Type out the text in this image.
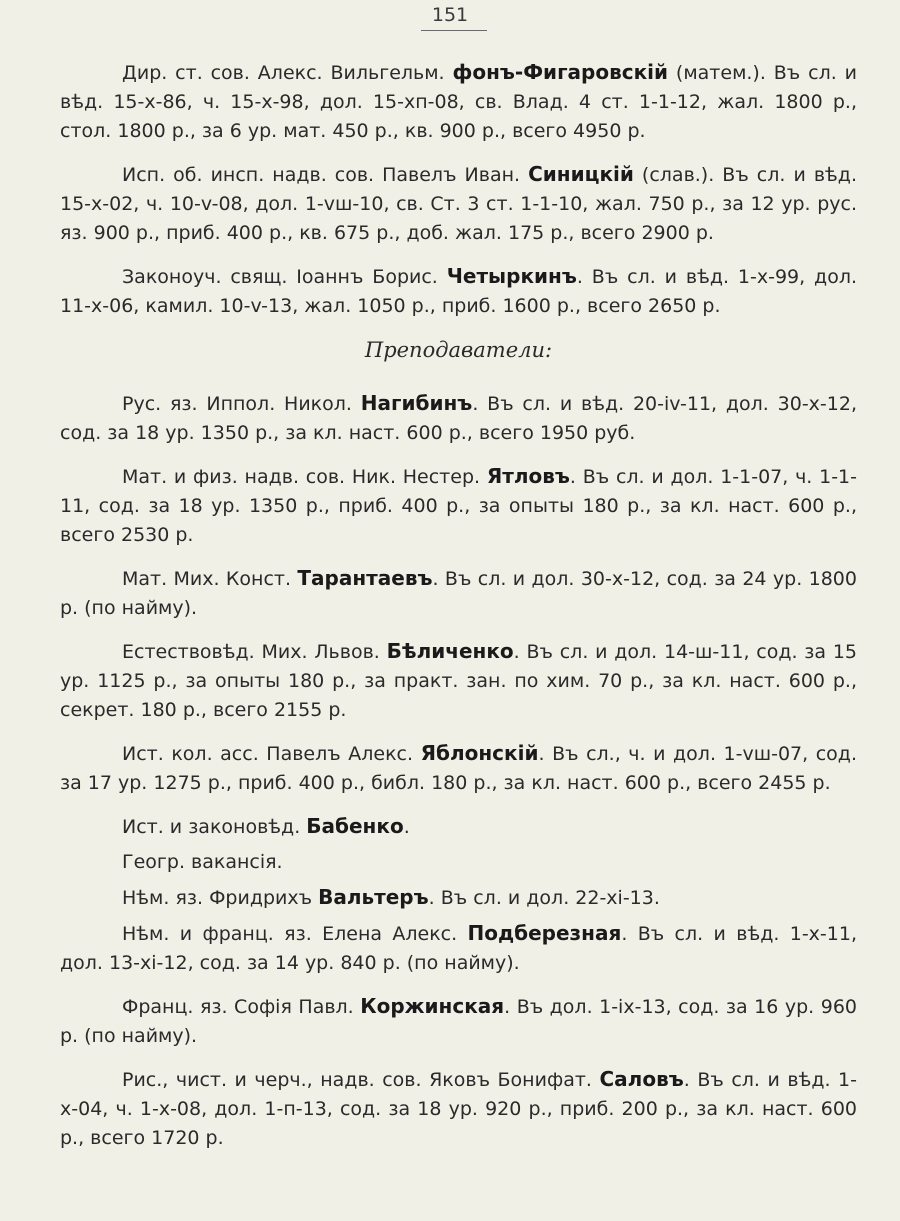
151

Дир. ст. сов. Алекс. Вильгельм. фонъ-Фигаровскій (матем.). Въ сл. и вѣд. 15-х-86, ч. 15-х-98, дол. 15-хп-08, св. Влад. 4 ст. 1-1-12, жал. 1800 р., стол. 1800 р., за 6 ур. мат. 450 р., кв. 900 р., всего 4950 р.

Исп. об. инсп. надв. сов. Павелъ Иван. Синицкій (слав.). Въ сл. и вѣд. 15-х-02, ч. 10-v-08, дол. 1-vш-10, св. Ст. 3 ст. 1-1-10, жал. 750 р., за 12 ур. рус. яз. 900 р., приб. 400 р., кв. 675 р., доб. жал. 175 р., всего 2900 р.

Законоуч. свящ. Іоаннъ Борис. Четыркинъ. Въ сл. и вѣд. 1-х-99, дол. 11-х-06, камил. 10-v-13, жал. 1050 р., приб. 1600 р., всего 2650 р.

Преподаватели:

Рус. яз. Иппол. Никол. Нагибинъ. Въ сл. и вѣд. 20-iv-11, дол. 30-х-12, сод. за 18 ур. 1350 р., за кл. наст. 600 р., всего 1950 руб.

Мат. и физ. надв. сов. Ник. Нестер. Ятловъ. Въ сл. и дол. 1-1-07, ч. 1-1-11, сод. за 18 ур. 1350 р., приб. 400 р., за опыты 180 р., за кл. наст. 600 р., всего 2530 р.

Мат. Мих. Конст. Тарантаевъ. Въ сл. и дол. 30-х-12, сод. за 24 ур. 1800 р. (по найму).

Естествовѣд. Мих. Львов. Бѣличенко. Въ сл. и дол. 14-ш-11, сод. за 15 ур. 1125 р., за опыты 180 р., за практ. зан. по хим. 70 р., за кл. наст. 600 р., секрет. 180 р., всего 2155 р.

Ист. кол. асс. Павелъ Алекс. Яблонскій. Въ сл., ч. и дол. 1-vш-07, сод. за 17 ур. 1275 р., приб. 400 р., библ. 180 р., за кл. наст. 600 р., всего 2455 р.

Ист. и законовѣд. Бабенко.

Геогр. вакансія.

Нѣм. яз. Фридрихъ Вальтеръ. Въ сл. и дол. 22-хі-13.

Нѣм. и франц. яз. Елена Алекс. Подберезная. Въ сл. и вѣд. 1-х-11, дол. 13-хі-12, сод. за 14 ур. 840 р. (по найму).

Франц. яз. Софія Павл. Коржинская. Въ дол. 1-іх-13, сод. за 16 ур. 960 р. (по найму).

Рис., чист. и черч., надв. сов. Яковъ Бонифат. Саловъ. Въ сл. и вѣд. 1-х-04, ч. 1-х-08, дол. 1-п-13, сод. за 18 ур. 920 р., приб. 200 р., за кл. наст. 600 р., всего 1720 р.
